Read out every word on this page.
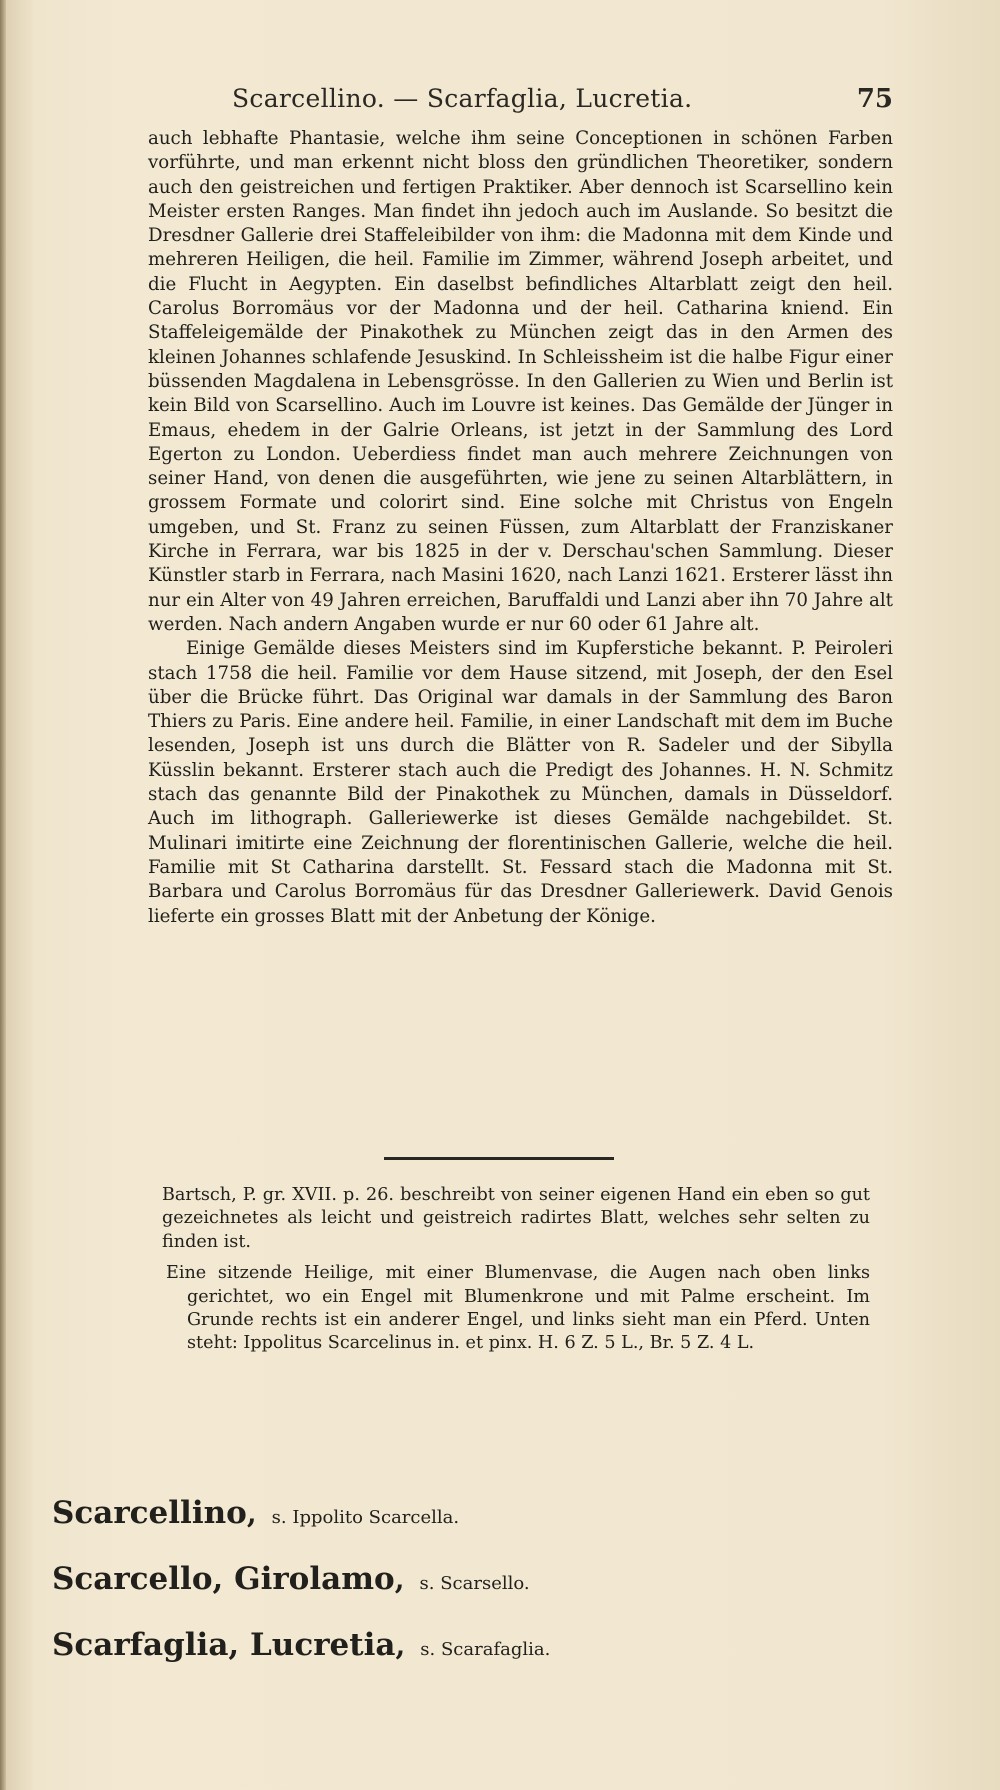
Scarcellino. — Scarfaglia, Lucretia.	75

auch lebhafte Phantasie, welche ihm seine Conceptionen in schönen Farben vorführte, und man erkennt nicht bloss den gründlichen Theoretiker, sondern auch den geistreichen und fertigen Praktiker. Aber dennoch ist Scarsellino kein Meister ersten Ranges. Man findet ihn jedoch auch im Auslande. So besitzt die Dresdner Gallerie drei Staffeleibilder von ihm: die Madonna mit dem Kinde und mehreren Heiligen, die heil. Familie im Zimmer, während Joseph arbeitet, und die Flucht in Aegypten. Ein daselbst befindliches Altarblatt zeigt den heil. Carolus Borromäus vor der Madonna und der heil. Catharina kniend. Ein Staffeleigemälde der Pinakothek zu München zeigt das in den Armen des kleinen Johannes schlafende Jesuskind. In Schleissheim ist die halbe Figur einer büssenden Magdalena in Lebensgrösse. In den Gallerien zu Wien und Berlin ist kein Bild von Scarsellino. Auch im Louvre ist keines. Das Gemälde der Jünger in Emaus, ehedem in der Galrie Orleans, ist jetzt in der Sammlung des Lord Egerton zu London. Ueberdiess findet man auch mehrere Zeichnungen von seiner Hand, von denen die ausgeführten, wie jene zu seinen Altarblättern, in grossem Formate und colorirt sind. Eine solche mit Christus von Engeln umgeben, und St. Franz zu seinen Füssen, zum Altarblatt der Franziskaner Kirche in Ferrara, war bis 1825 in der v. Derschau'schen Sammlung. Dieser Künstler starb in Ferrara, nach Masini 1620, nach Lanzi 1621. Ersterer lässt ihn nur ein Alter von 49 Jahren erreichen, Baruffaldi und Lanzi aber ihn 70 Jahre alt werden. Nach andern Angaben wurde er nur 60 oder 61 Jahre alt.

Einige Gemälde dieses Meisters sind im Kupferstiche bekannt. P. Peiroleri stach 1758 die heil. Familie vor dem Hause sitzend, mit Joseph, der den Esel über die Brücke führt. Das Original war damals in der Sammlung des Baron Thiers zu Paris. Eine andere heil. Familie, in einer Landschaft mit dem im Buche lesenden, Joseph ist uns durch die Blätter von R. Sadeler und der Sibylla Küsslin bekannt. Ersterer stach auch die Predigt des Johannes. H. N. Schmitz stach das genannte Bild der Pinakothek zu München, damals in Düsseldorf. Auch im lithograph. Galleriewerke ist dieses Gemälde nachgebildet. St. Mulinari imitirte eine Zeichnung der florentinischen Gallerie, welche die heil. Familie mit St Catharina darstellt. St. Fessard stach die Madonna mit St. Barbara und Carolus Borromäus für das Dresdner Galleriewerk. David Genois lieferte ein grosses Blatt mit der Anbetung der Könige.

Bartsch, P. gr. XVII. p. 26. beschreibt von seiner eigenen Hand ein eben so gut gezeichnetes als leicht und geistreich radirtes Blatt, welches sehr selten zu finden ist.

Eine sitzende Heilige, mit einer Blumenvase, die Augen nach oben links gerichtet, wo ein Engel mit Blumenkrone und mit Palme erscheint. Im Grunde rechts ist ein anderer Engel, und links sieht man ein Pferd. Unten steht: Ippolitus Scarcelinus in. et pinx. H. 6 Z. 5 L., Br. 5 Z. 4 L.

Scarcellino, s. Ippolito Scarcella.
Scarcello, Girolamo, s. Scarsello.
Scarfaglia, Lucretia, s. Scarafaglia.
